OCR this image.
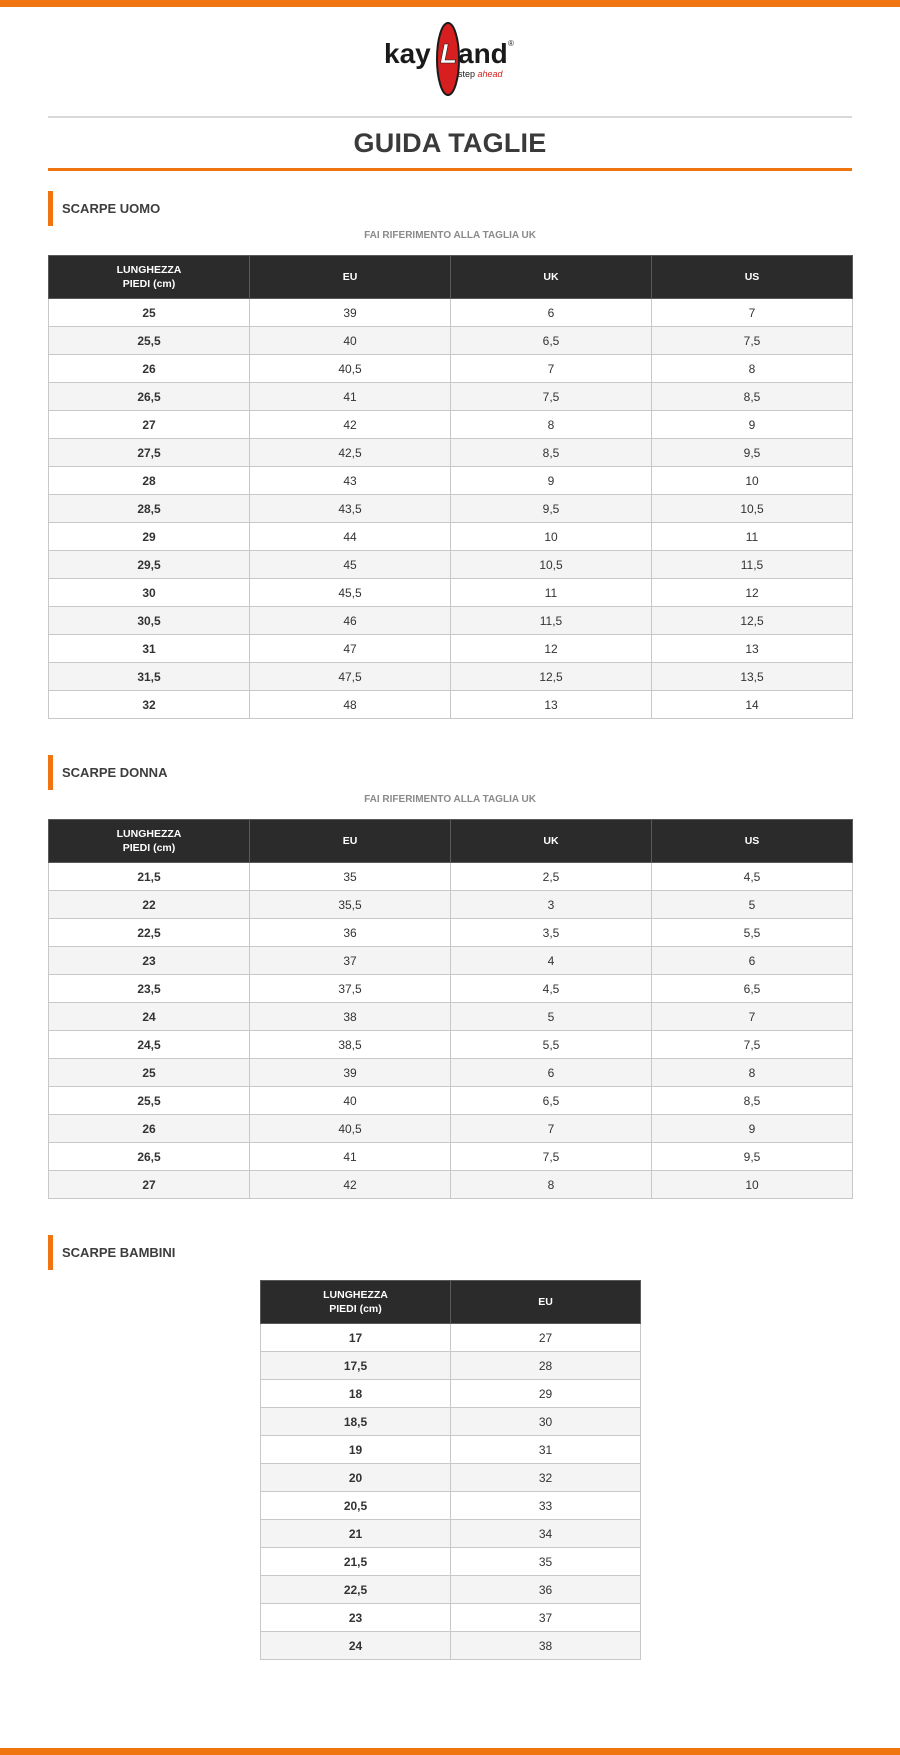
kay L and ®
step ahead
GUIDA TAGLIE
SCARPE UOMO
FAI RIFERIMENTO ALLA TAGLIA UK
LUNGHEZZA
PIEDI (cm)	EU	UK	US
25	39	6	7
25,5	40	6,5	7,5
26	40,5	7	8
26,5	41	7,5	8,5
27	42	8	9
27,5	42,5	8,5	9,5
28	43	9	10
28,5	43,5	9,5	10,5
29	44	10	11
29,5	45	10,5	11,5
30	45,5	11	12
30,5	46	11,5	12,5
31	47	12	13
31,5	47,5	12,5	13,5
32	48	13	14
SCARPE DONNA
FAI RIFERIMENTO ALLA TAGLIA UK
LUNGHEZZA
PIEDI (cm)	EU	UK	US
21,5	35	2,5	4,5
22	35,5	3	5
22,5	36	3,5	5,5
23	37	4	6
23,5	37,5	4,5	6,5
24	38	5	7
24,5	38,5	5,5	7,5
25	39	6	8
25,5	40	6,5	8,5
26	40,5	7	9
26,5	41	7,5	9,5
27	42	8	10
SCARPE BAMBINI
LUNGHEZZA
PIEDI (cm)	EU
17	27
17,5	28
18	29
18,5	30
19	31
20	32
20,5	33
21	34
21,5	35
22,5	36
23	37
24	38
